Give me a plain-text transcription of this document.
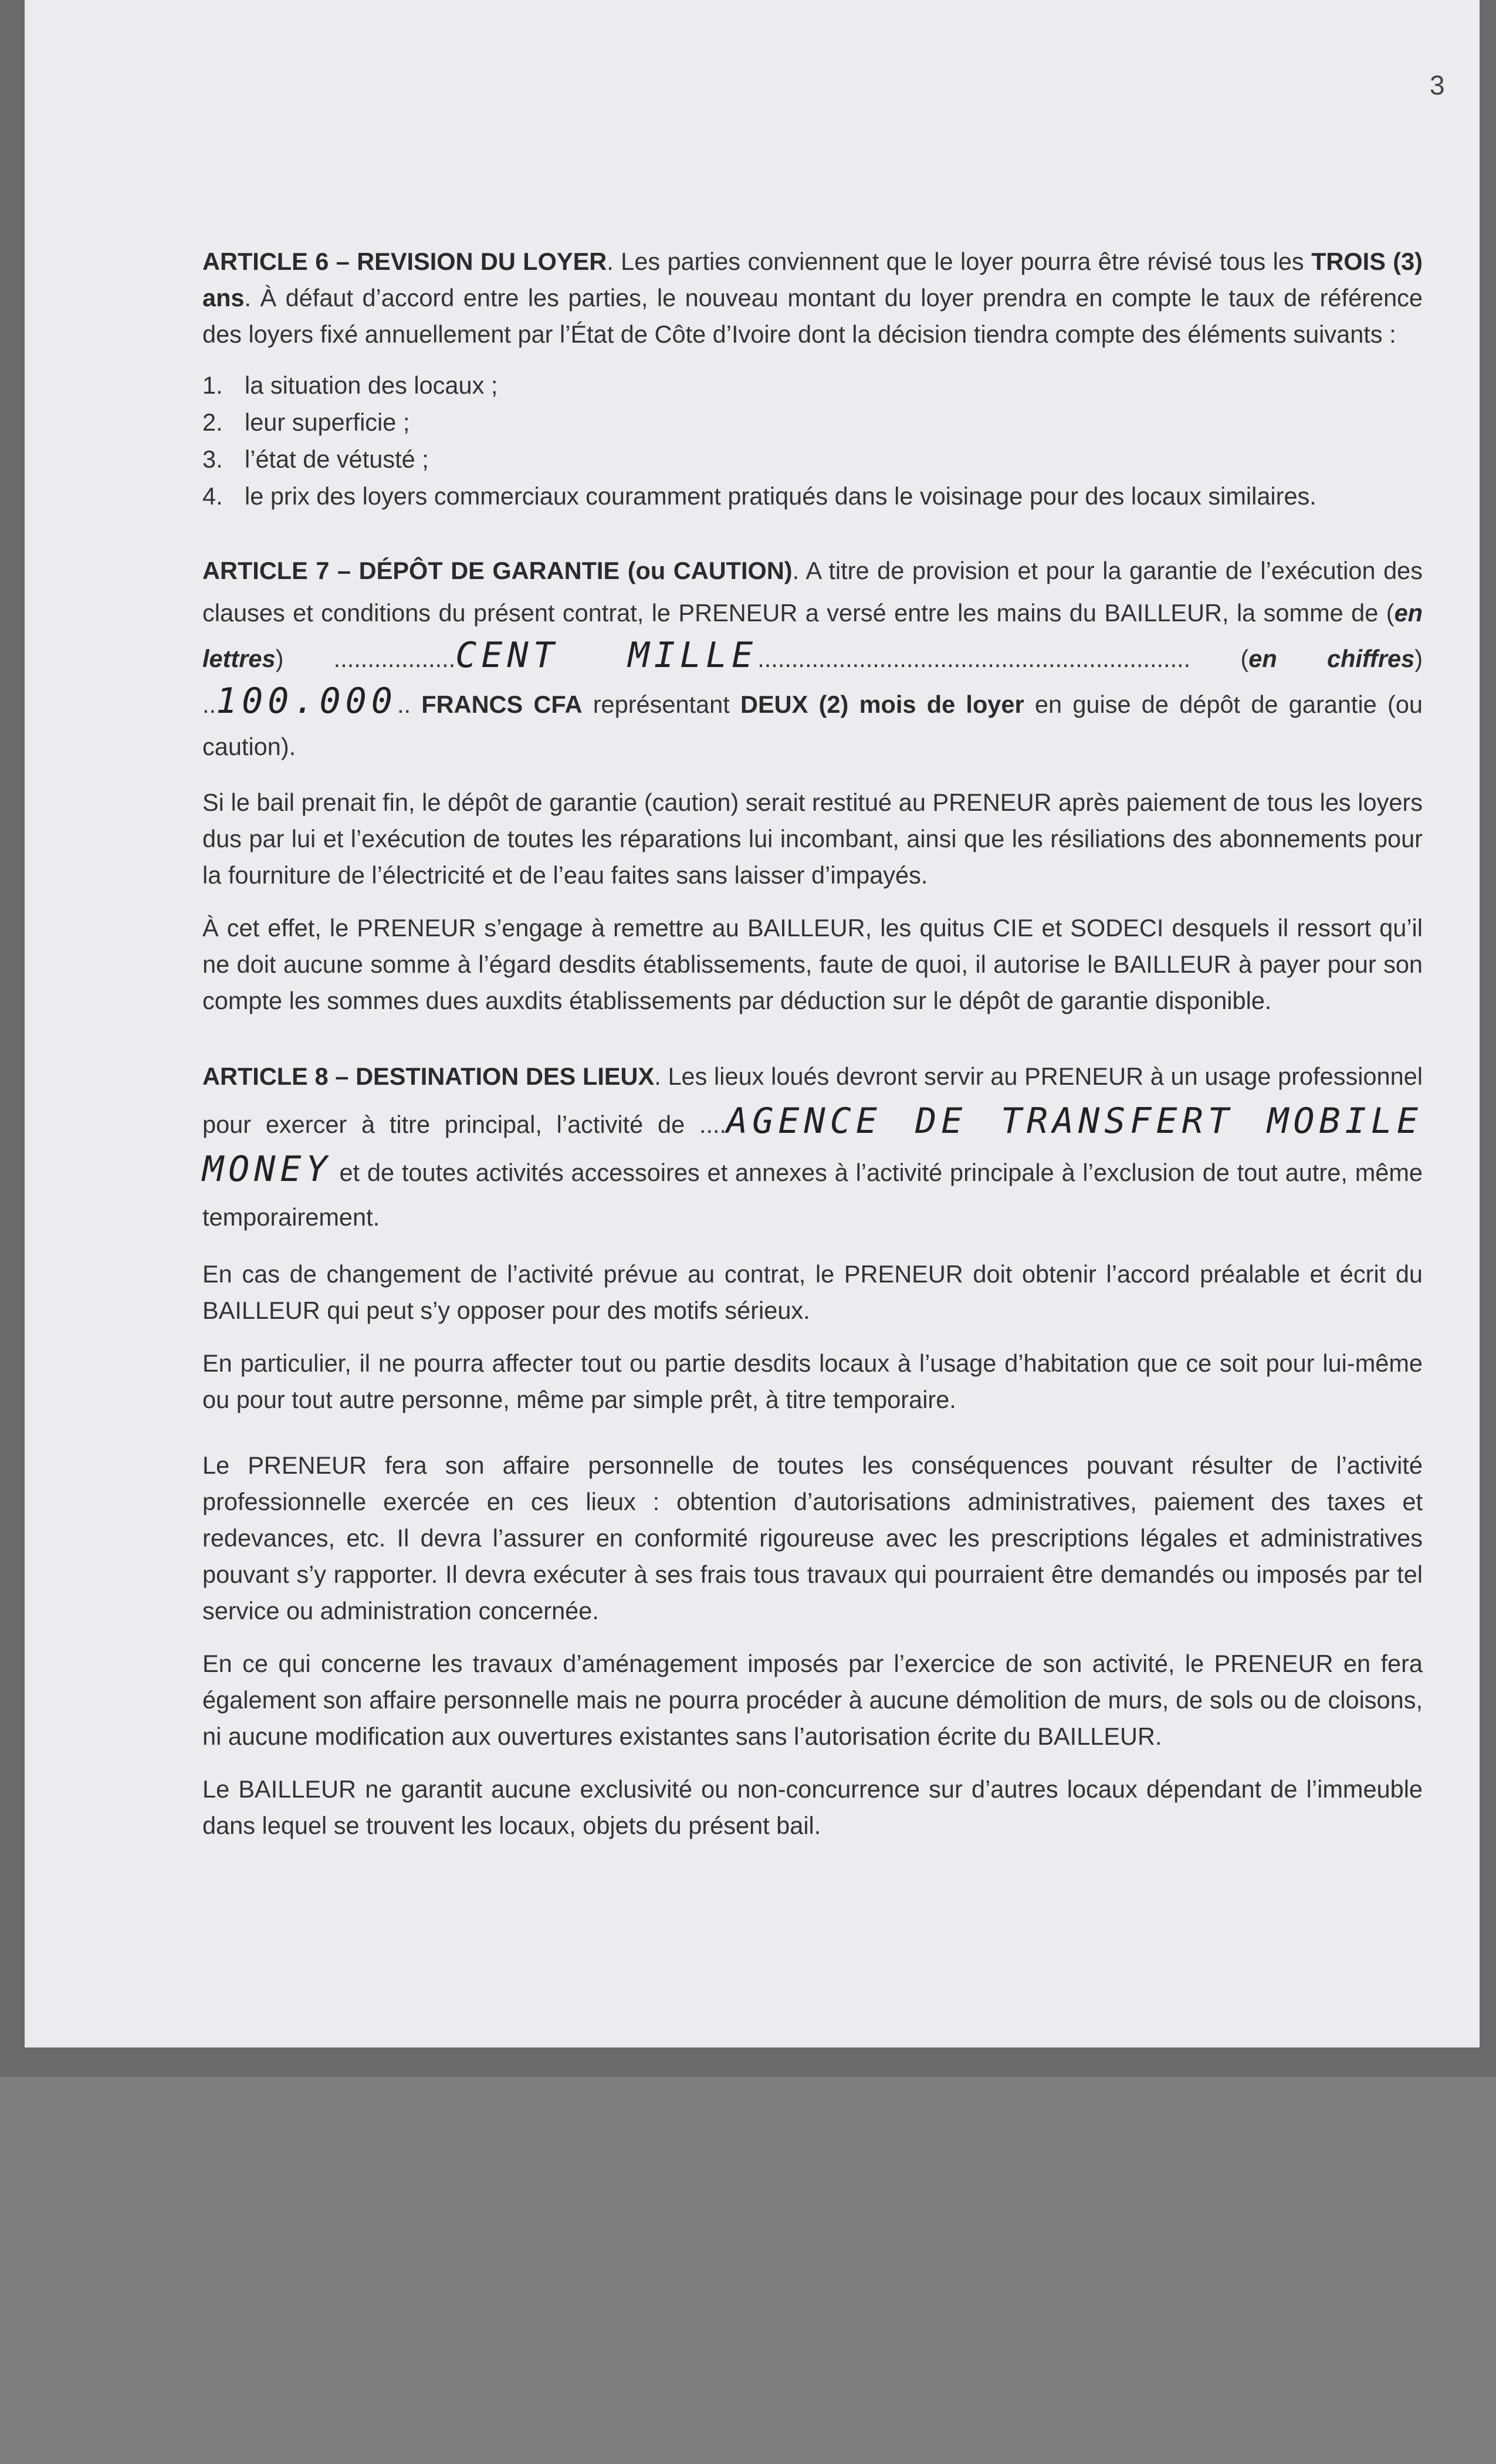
3

ARTICLE 6 – REVISION DU LOYER. Les parties conviennent que le loyer pourra être révisé tous les TROIS (3) ans. À défaut d’accord entre les parties, le nouveau montant du loyer prendra en compte le taux de référence des loyers fixé annuellement par l’État de Côte d’Ivoire dont la décision tiendra compte des éléments suivants :

1. la situation des locaux ;
2. leur superficie ;
3. l’état de vétusté ;
4. le prix des loyers commerciaux couramment pratiqués dans le voisinage pour des locaux similaires.

ARTICLE 7 – DÉPÔT DE GARANTIE (ou CAUTION). A titre de provision et pour la garantie de l’exécution des clauses et conditions du présent contrat, le PRENEUR a versé entre les mains du BAILLEUR, la somme de (en lettres) ..................CENT MILLE................................................................ (en chiffres) ..100.000.. FRANCS CFA représentant DEUX (2) mois de loyer en guise de dépôt de garantie (ou caution).

Si le bail prenait fin, le dépôt de garantie (caution) serait restitué au PRENEUR après paiement de tous les loyers dus par lui et l’exécution de toutes les réparations lui incombant, ainsi que les résiliations des abonnements pour la fourniture de l’électricité et de l’eau faites sans laisser d’impayés.

À cet effet, le PRENEUR s’engage à remettre au BAILLEUR, les quitus CIE et SODECI desquels il ressort qu’il ne doit aucune somme à l’égard desdits établissements, faute de quoi, il autorise le BAILLEUR à payer pour son compte les sommes dues auxdits établissements par déduction sur le dépôt de garantie disponible.

ARTICLE 8 – DESTINATION DES LIEUX. Les lieux loués devront servir au PRENEUR à un usage professionnel pour exercer à titre principal, l’activité de ....AGENCE DE TRANSFERT MOBILE MONEY et de toutes activités accessoires et annexes à l’activité principale à l’exclusion de tout autre, même temporairement.

En cas de changement de l’activité prévue au contrat, le PRENEUR doit obtenir l’accord préalable et écrit du BAILLEUR qui peut s’y opposer pour des motifs sérieux.

En particulier, il ne pourra affecter tout ou partie desdits locaux à l’usage d’habitation que ce soit pour lui-même ou pour tout autre personne, même par simple prêt, à titre temporaire.

Le PRENEUR fera son affaire personnelle de toutes les conséquences pouvant résulter de l’activité professionnelle exercée en ces lieux : obtention d’autorisations administratives, paiement des taxes et redevances, etc. Il devra l’assurer en conformité rigoureuse avec les prescriptions légales et administratives pouvant s’y rapporter. Il devra exécuter à ses frais tous travaux qui pourraient être demandés ou imposés par tel service ou administration concernée.

En ce qui concerne les travaux d’aménagement imposés par l’exercice de son activité, le PRENEUR en fera également son affaire personnelle mais ne pourra procéder à aucune démolition de murs, de sols ou de cloisons, ni aucune modification aux ouvertures existantes sans l’autorisation écrite du BAILLEUR.

Le BAILLEUR ne garantit aucune exclusivité ou non-concurrence sur d’autres locaux dépendant de l’immeuble dans lequel se trouvent les locaux, objets du présent bail.
